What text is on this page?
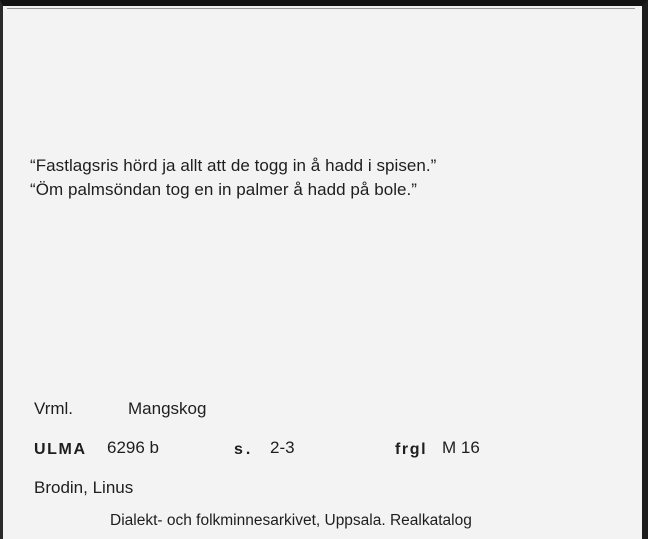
“Fastlagsris hörd ja allt att de togg in å hadd i spisen.”
“Öm palmsöndan tog en in palmer å hadd på bole.”
Vrml.	Mangskog
ULMA 6296 b	s. 2-3	frgl M 16
Brodin, Linus
Dialekt- och folkminnesarkivet, Uppsala. Realkatalog
